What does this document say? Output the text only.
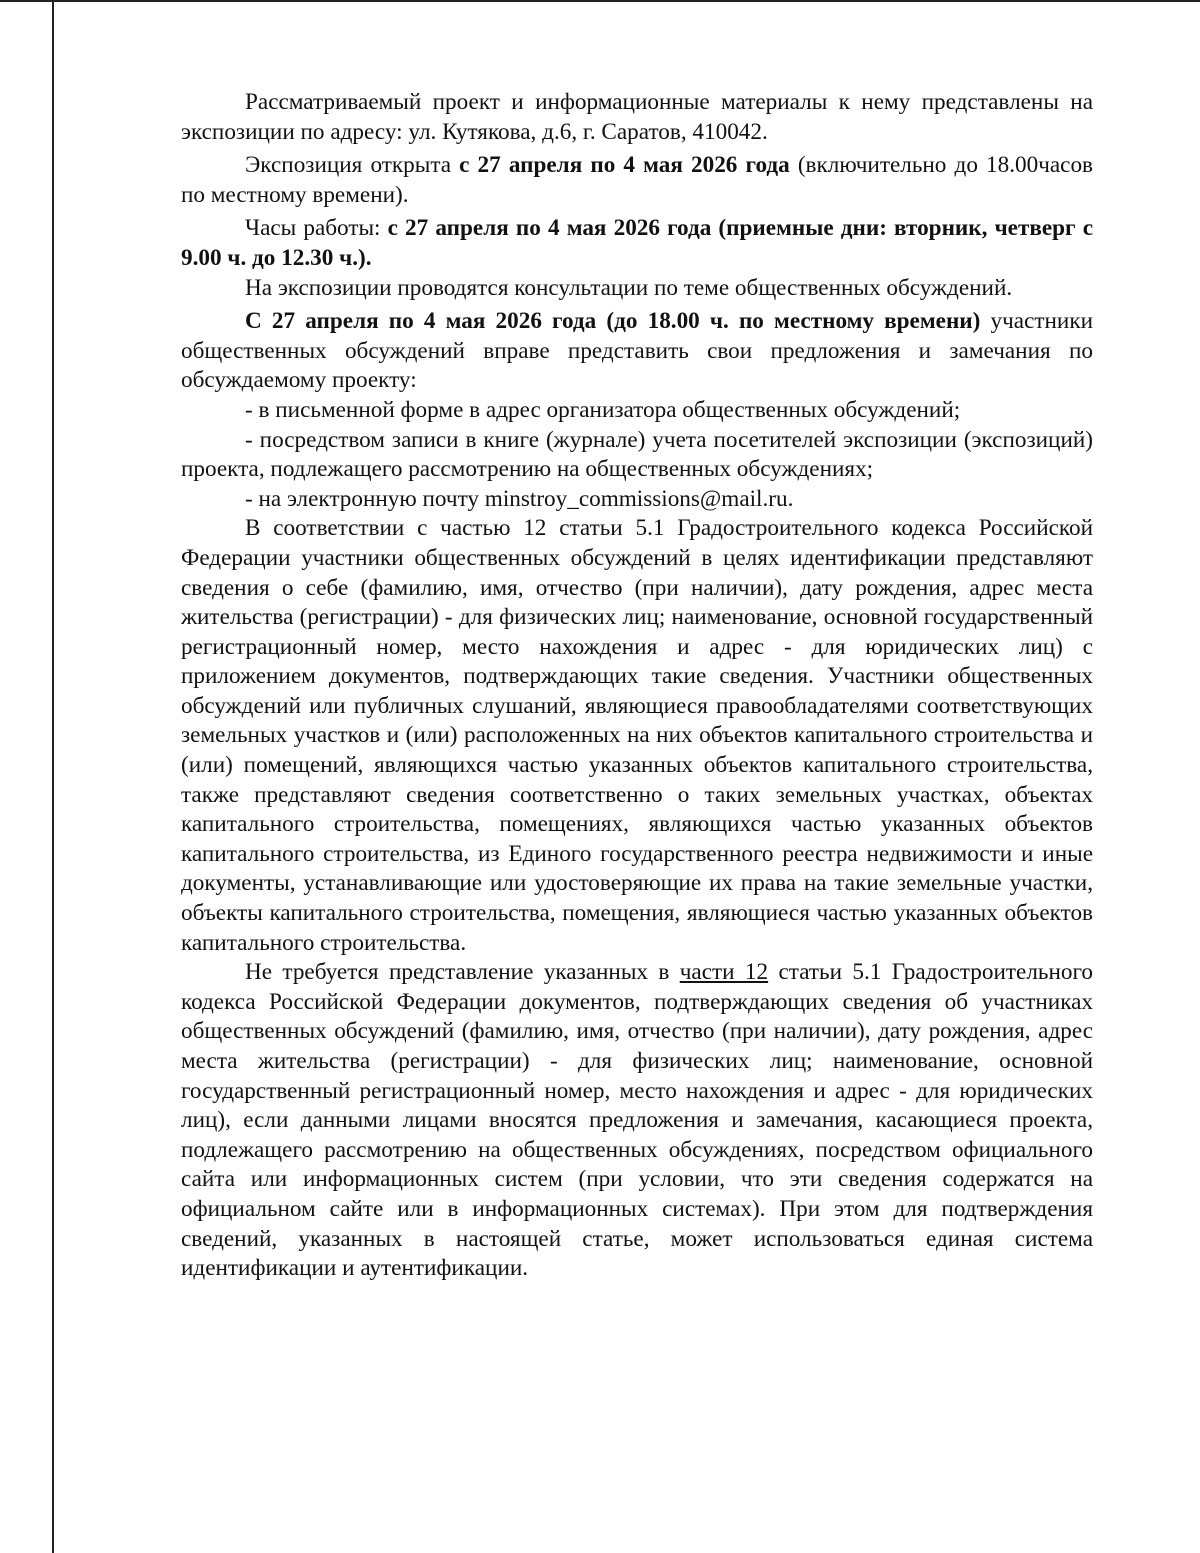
Рассматриваемый проект и информационные материалы к нему представлены на экспозиции по адресу: ул. Кутякова, д.6, г. Саратов, 410042.

Экспозиция открыта с 27 апреля по 4 мая 2026 года (включительно до 18.00часов по местному времени).

Часы работы: с 27 апреля по 4 мая 2026 года (приемные дни: вторник, четверг с 9.00 ч. до 12.30 ч.).

На экспозиции проводятся консультации по теме общественных обсуждений.

С 27 апреля по 4 мая 2026 года (до 18.00 ч. по местному времени) участники общественных обсуждений вправе представить свои предложения и замечания по обсуждаемому проекту:

- в письменной форме в адрес организатора общественных обсуждений;

- посредством записи в книге (журнале) учета посетителей экспозиции (экспозиций) проекта, подлежащего рассмотрению на общественных обсуждениях;

- на электронную почту minstroy_commissions@mail.ru.

В соответствии с частью 12 статьи 5.1 Градостроительного кодекса Российской Федерации участники общественных обсуждений в целях идентификации представляют сведения о себе (фамилию, имя, отчество (при наличии), дату рождения, адрес места жительства (регистрации) - для физических лиц; наименование, основной государственный регистрационный номер, место нахождения и адрес - для юридических лиц) с приложением документов, подтверждающих такие сведения. Участники общественных обсуждений или публичных слушаний, являющиеся правообладателями соответствующих земельных участков и (или) расположенных на них объектов капитального строительства и (или) помещений, являющихся частью указанных объектов капитального строительства, также представляют сведения соответственно о таких земельных участках, объектах капитального строительства, помещениях, являющихся частью указанных объектов капитального строительства, из Единого государственного реестра недвижимости и иные документы, устанавливающие или удостоверяющие их права на такие земельные участки, объекты капитального строительства, помещения, являющиеся частью указанных объектов капитального строительства.

Не требуется представление указанных в части 12 статьи 5.1 Градостроительного кодекса Российской Федерации документов, подтверждающих сведения об участниках общественных обсуждений (фамилию, имя, отчество (при наличии), дату рождения, адрес места жительства (регистрации) - для физических лиц; наименование, основной государственный регистрационный номер, место нахождения и адрес - для юридических лиц), если данными лицами вносятся предложения и замечания, касающиеся проекта, подлежащего рассмотрению на общественных обсуждениях, посредством официального сайта или информационных систем (при условии, что эти сведения содержатся на официальном сайте или в информационных системах). При этом для подтверждения сведений, указанных в настоящей статье, может использоваться единая система идентификации и аутентификации.
